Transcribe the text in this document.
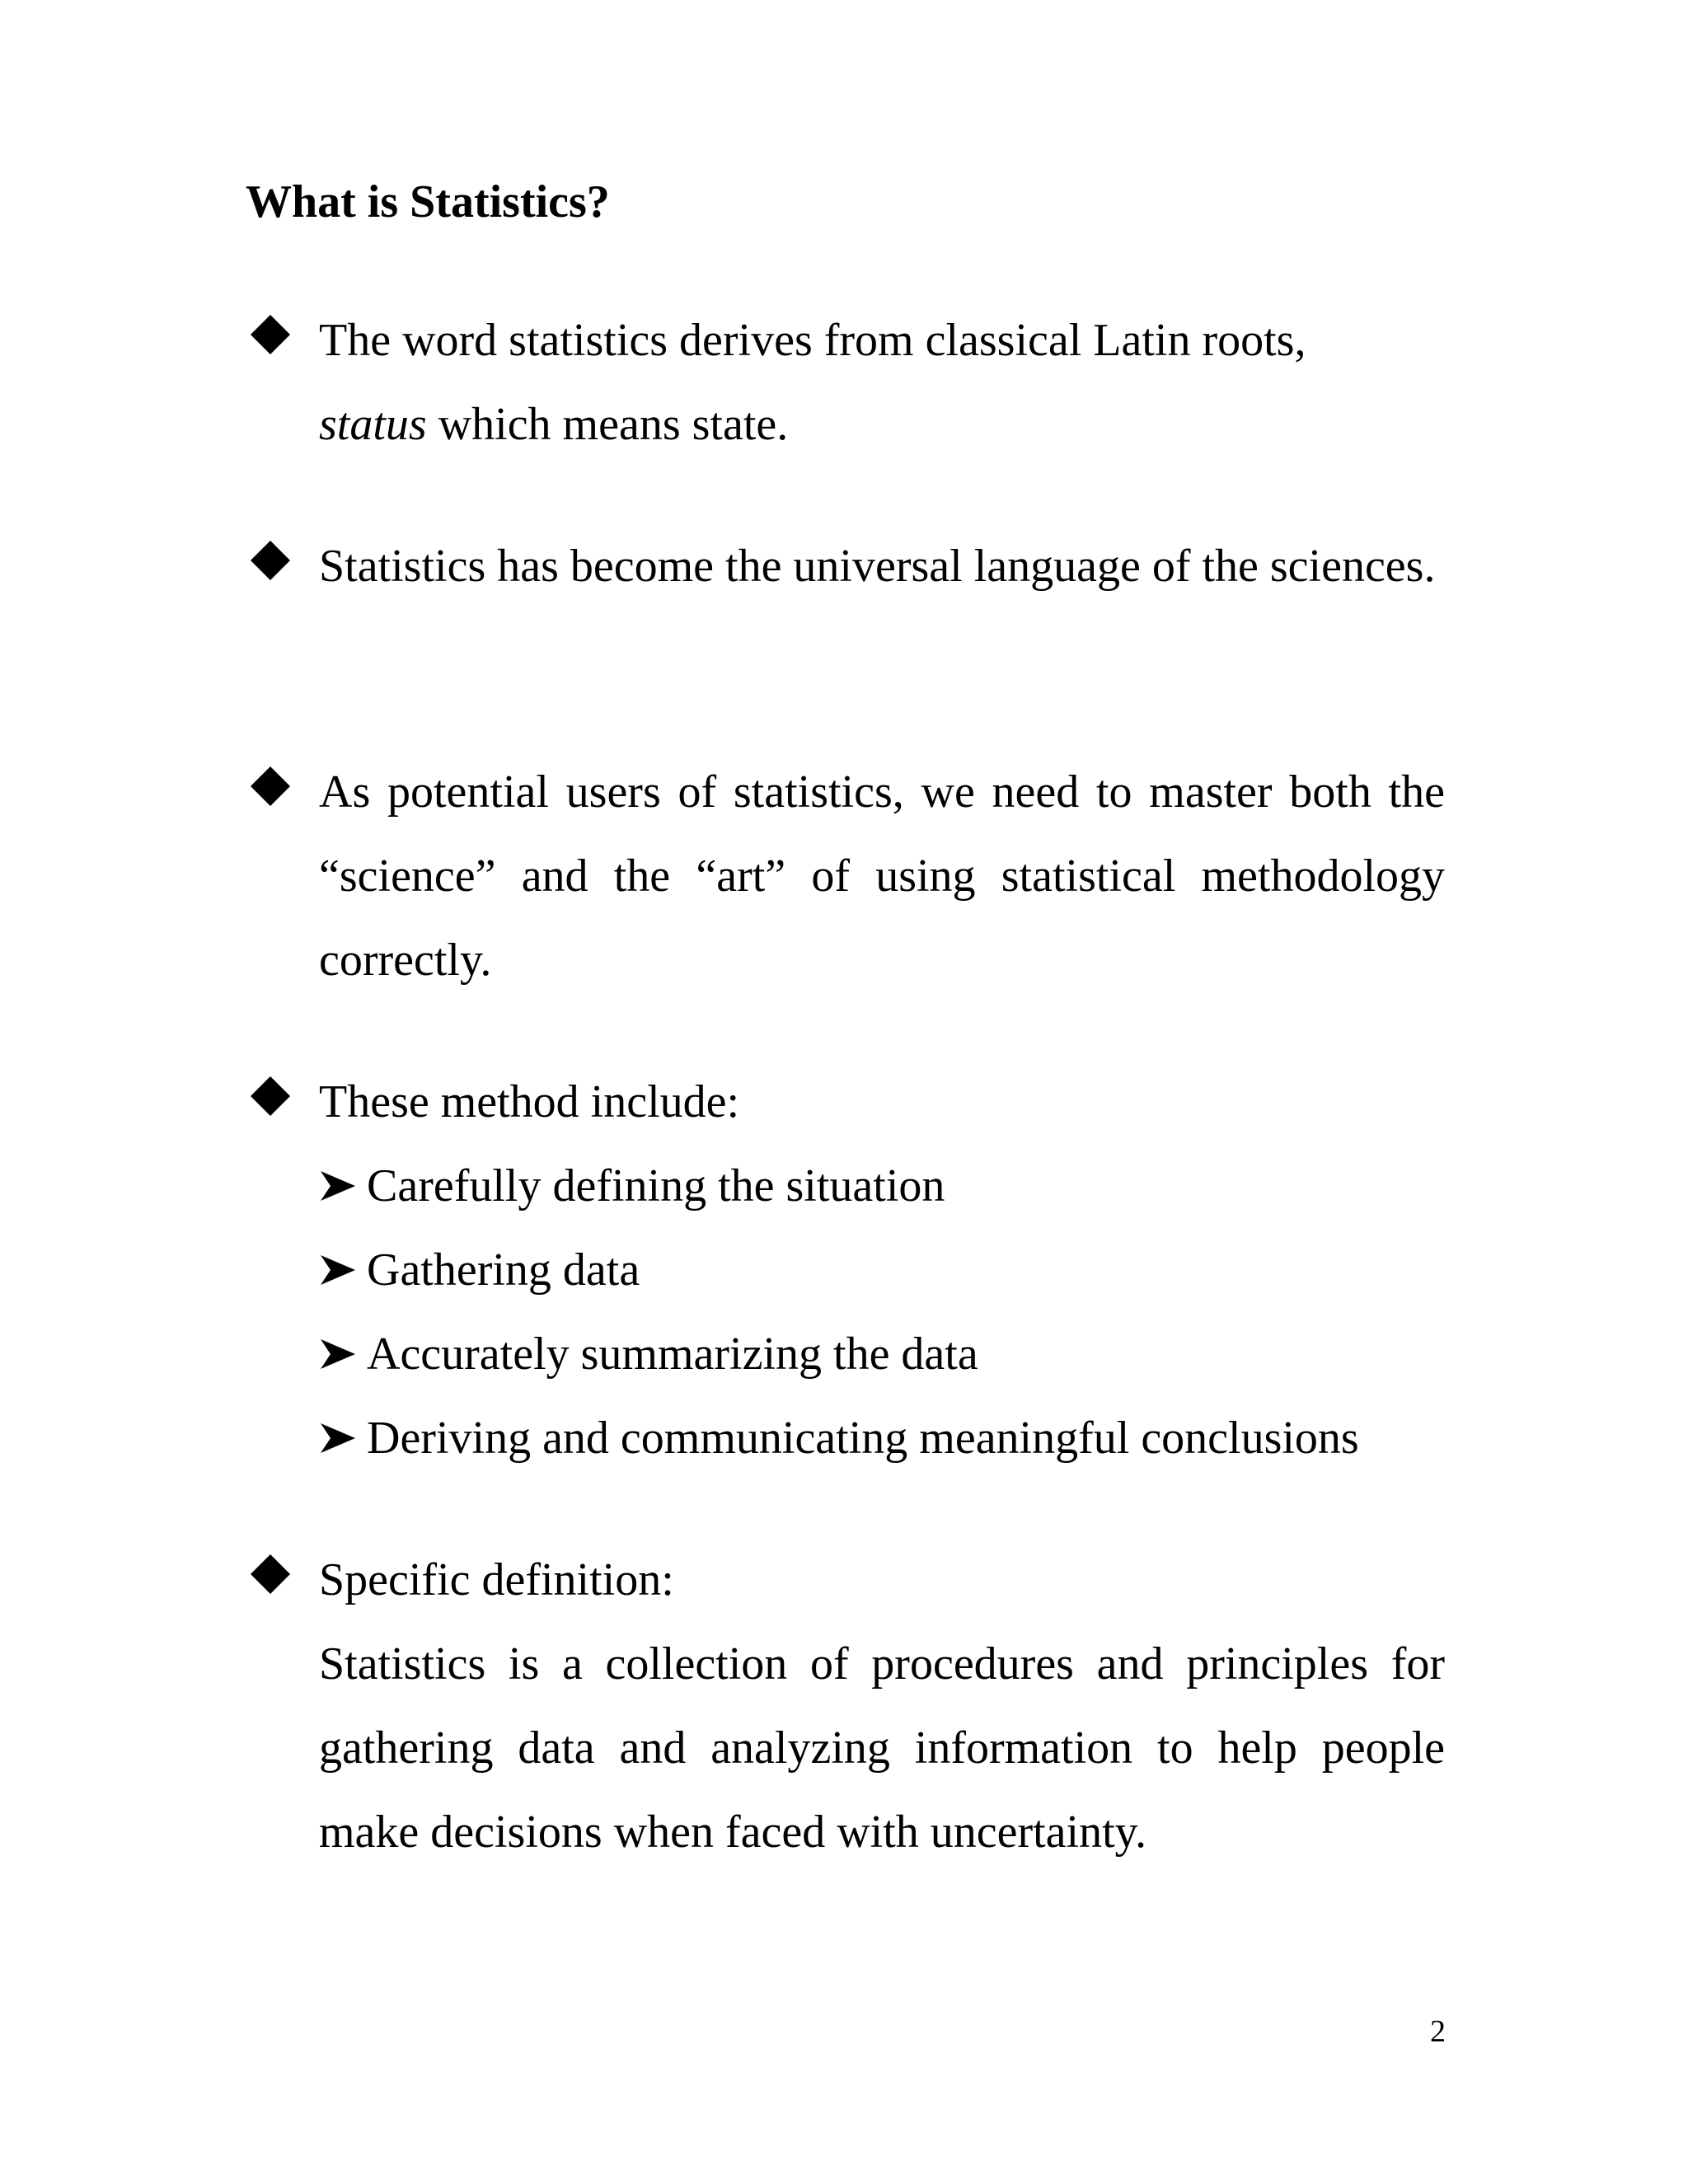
What is Statistics?

The word statistics derives from classical Latin roots,
status which means state.

Statistics has become the universal language of the sciences.

As potential users of statistics, we need to master both the “science” and the “art” of using statistical methodology correctly.

These method include:

Carefully defining the situation
Gathering data
Accurately summarizing the data
Deriving and communicating meaningful conclusions

Specific definition:

Statistics is a collection of procedures and principles for gathering data and analyzing information to help people make decisions when faced with uncertainty.

2
